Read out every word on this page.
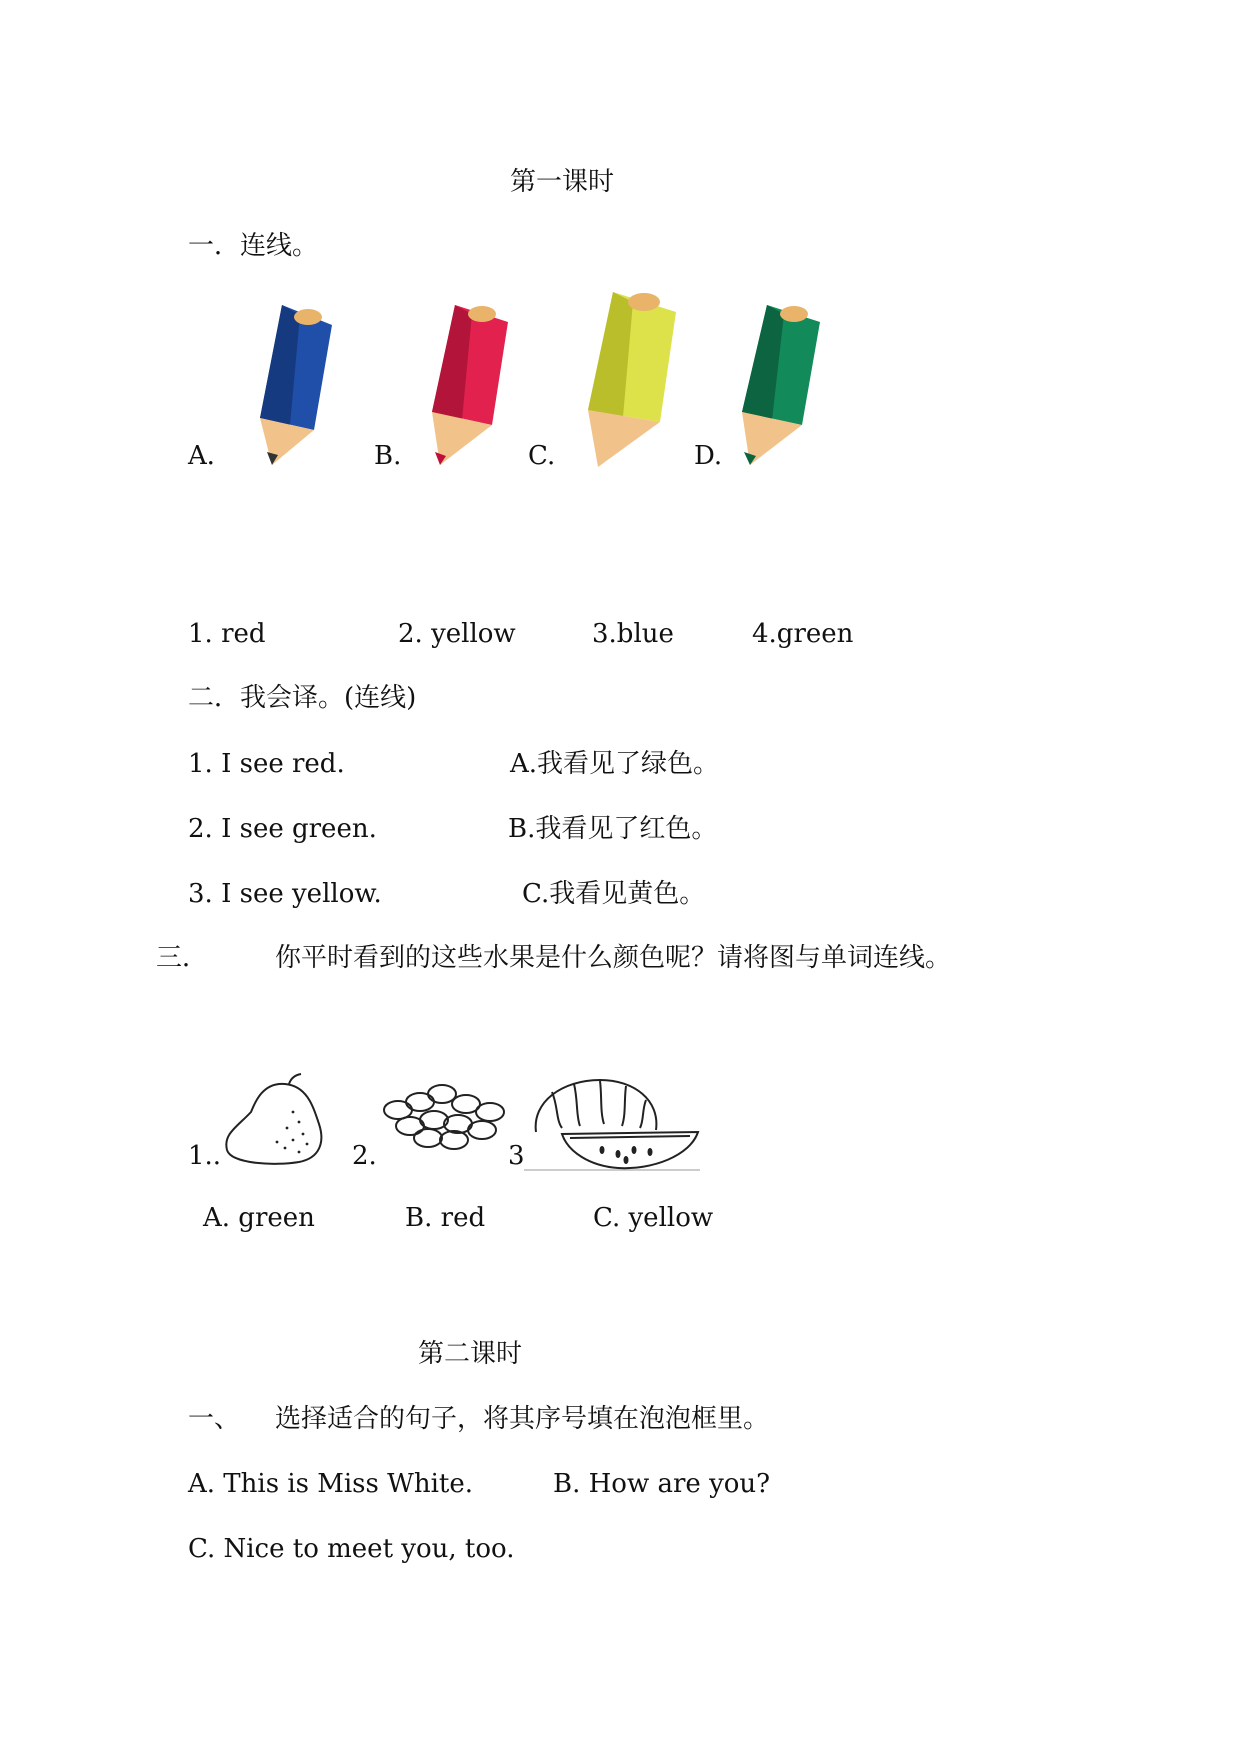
第一课时
一．连线。
A．	B.	C.	D.
1. red	2. yellow	3.blue	4.green
二．我会译。(连线)
1. I see red.	A.我看见了绿色。
2. I see green.	B.我看见了红色。
3. I see yellow.	C.我看见黄色。
三．	你平时看到的这些水果是什么颜色呢？请将图与单词连线。
1..	2.	3
A. green	B. red	C. yellow
第二课时
一、 选择适合的句子，将其序号填在泡泡框里。
A. This is Miss White.	B. How are you?
C. Nice to meet you, too.
